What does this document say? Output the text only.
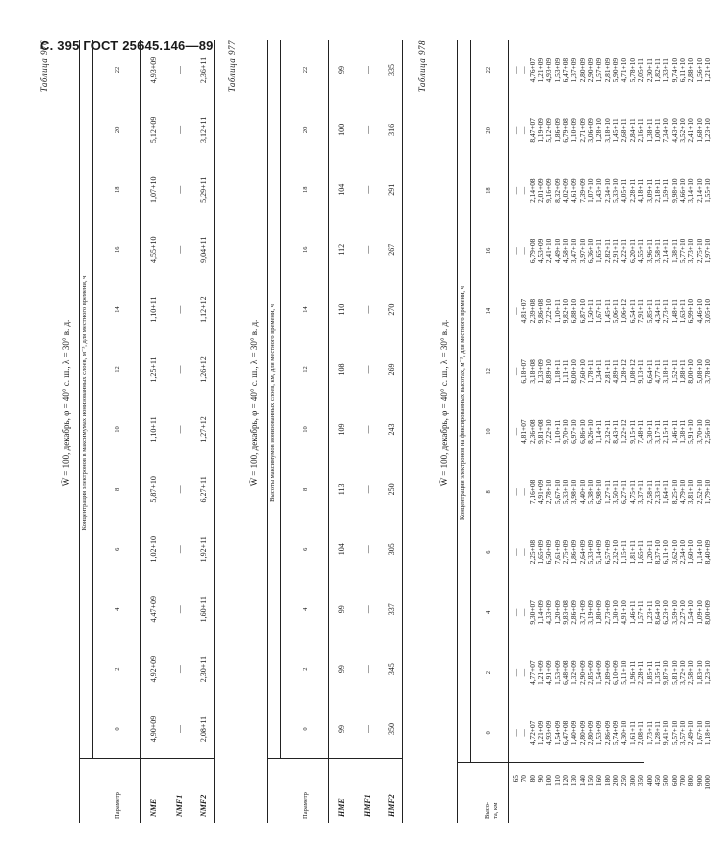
С. 395 ГОСТ 25645.146—89
Таблица 976
W̄ = 100, декабрь, φ = 40° с. ш., λ = 30° в. д. Концентрация электронов в максимумах ионизованных слоев, м⁻³, для местного времени, ч
Параметр
0
2
4
6
8
10
12
14
16
18
20
22
NME
4,90+09
4,92+09
4,47+09
1,02+10
5,87+10
1,10+11
1,25+11
1,10+11
4,55+10
1,07+10
5,12+09
4,93+09
NMF1
—
—
—
—
—
—
—
—
—
—
—
—
NMF2
2,08+11
2,30+11
1,60+11
1,92+11
6,27+11
1,27+12
1,26+12
1,12+12
9,04+11
5,29+11
3,12+11
2,36+11 Таблица 977
W̄ = 100, декабрь, φ = 40° с. ш., λ = 30° в. д. Высоты максимумов ионизованных слоев, км, для местного времени, ч
Параметр
0
2
4
6
8
10
12
14
16
18
20
22
HME
99
99
99
104
113
109
108
110
112
104
100
99
HMF1
—
—
—
—
—
—
—
—
—
—
—
—
HMF2
350
345
337
305
250
243
269
270
267
291
316
335 Таблица 978
W̄ = 100, декабрь, φ = 40° с. ш., λ = 30° в. д. Концентрация электронов на фиксированных высотах, м⁻³, для местного времени, ч
Высо-
та, км
0
2
4
6
8
10
12
14
16
18
20
22
65
70
80
90
100
110
120
130
140
150
160
180
200
250
300
350
400
450
500
600
700
800
900
1000
—
—
4,72+07
1,21+09
4,93+09
1,54+09
6,47+08
1,40+09
2,80+09
2,80+09
1,53+09
2,86+09
5,74+09
4,30+10
1,61+11
2,08+11
1,73+11
1,28+11
9,41+10
5,57+10
3,57+10
2,49+10
1,67+10
1,18+10
—
—
4,77+07
1,21+09
4,91+09
1,53+09
6,48+08
1,32+09
2,90+09
2,85+09
1,54+09
2,89+09
6,10+09
5,11+10
1,96+11
2,28+11
1,85+11
1,35+11
9,87+10
5,81+10
3,72+10
2,58+10
1,83+10
1,23+10
—
—
9,30+07
1,14+09
4,33+09
1,20+09
9,83+08
2,86+09
3,71+09
3,19+09
1,80+09
2,73+09
1,30+10
4,91+10
1,46+11
1,57+11
1,23+11
8,64+10
6,23+10
3,59+10
2,27+10
1,54+10
1,09+10
8,00+09
—
—
2,25+08
1,65+09
6,50+09
7,61+09
2,75+09
1,86+09
2,64+09
5,33+09
5,14+09
6,57+09
2,32+10
1,15+11
1,81+11
1,65+11
1,20+11
8,37+10
6,11+10
3,62+10
2,34+10
1,60+10
1,14+10
8,40+09
—
—
7,16+08
4,91+09
2,78+10
5,67+10
5,33+10
3,98+10
4,40+10
5,38+10
6,98+10
1,27+11
3,50+11
6,27+11
4,75+11
3,37+11
2,58+11
2,33+11
1,64+11
8,25+10
4,79+10
3,81+10
2,52+10
1,79+10
—
4,81+07
2,36+08
9,81+08
7,22+10
1,10+11
9,70+10
6,97+10
6,86+10
8,26+10
1,14+11
2,32+11
8,43+11
1,22+12
9,15+11
7,48+11
5,30+11
3,17+11
2,15+11
1,46+11
1,38+11
5,91+10
3,70+10
2,56+10
—
6,18+07
3,18+08
1,33+09
8,89+10
1,18+11
1,11+11
8,00+10
7,60+10
1,78+11
1,34+11
2,81+11
4,89+11
1,28+12
1,08+12
9,13+11
6,64+11
4,77+11
3,18+11
1,52+11
1,88+11
8,00+10
5,08+10
3,78+10
—
4,81+07
2,39+08
9,86+08
7,22+10
1,10+11
9,82+10
6,88+10
6,87+10
1,50+11
1,67+11
1,45+11
5,06+11
1,06+12
6,54+11
7,91+11
5,85+11
4,34+11
2,73+11
1,48+11
1,63+11
6,99+10
4,46+10
3,05+10
—
—
6,79+08
4,53+09
2,41+10
4,49+10
4,58+10
3,47+10
3,97+10
6,36+10
1,65+11
2,82+11
2,91+11
4,22+11
6,20+11
4,55+11
3,96+11
3,58+11
2,14+11
1,38+11
5,77+10
3,73+10
2,75+10
1,97+10
—
—
2,14+08
2,01+09
9,16+09
8,32+09
4,02+09
4,61+09
7,39+09
1,07+10
1,43+10
2,34+10
5,33+10
4,05+11
2,28+11
4,18+11
3,09+11
2,18+11
1,59+11
9,98+10
4,66+10
3,14+10
2,14+10
1,55+10
—
—
8,47+07
1,19+09
5,12+09
1,86+09
6,79+08
1,10+09
2,71+09
3,06+09
1,28+10
3,18+10
1,45+11
2,68+11
2,84+11
2,16+11
1,38+11
1,00+11
7,34+10
4,43+10
3,52+10
2,41+10
1,68+10
1,23+10
—
—
4,76+07
1,21+09
4,93+09
1,53+09
6,47+08
1,37+09
2,80+09
2,90+09
1,57+09
2,81+09
5,90+09
4,71+10
5,78+10
2,05+11
2,30+11
1,82+11
1,33+11
9,74+10
6,11+10
2,88+10
1,56+10
1,21+10
